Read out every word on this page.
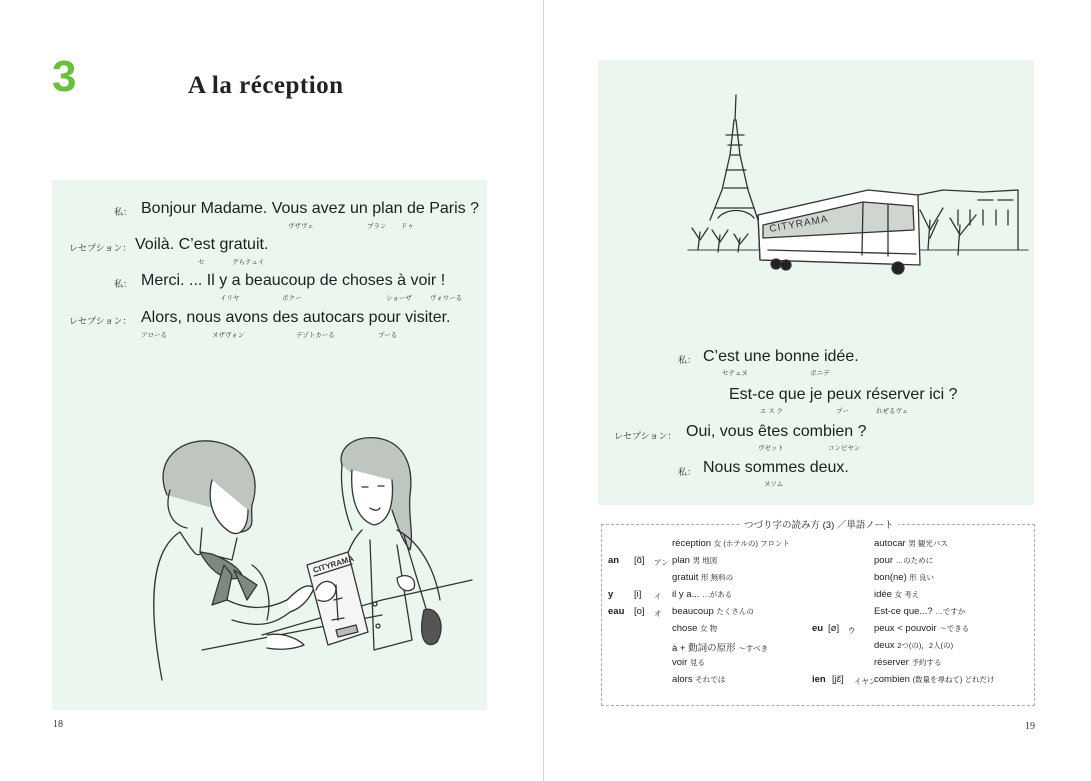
3	A la réception
私： Bonjour Madame. Vous avez un plan de Paris ?
ヴザヴェ	プラン ドゥ
レセプション： Voilà. C’est gratuit.
セ	グらテュイ
私： Merci. ... Il y a beaucoup de choses à voir !
イリヤ	ボクー	ショーザ	ヴォワーる
レセプション： Alors, nous avons des autocars pour visiter.
アローる	ヌザヴォン	デゾトカーる	プーる
CITYRAMA
18
CITYRAMA
私： C’est une bonne idée.
セテュヌ	ボニデ
Est-ce que je peux réserver ici ?
エ ス ク	プー	れぜるヴェ
レセプション： Oui, vous êtes combien ?
ヴゼット	コンビヤン
私： Nous sommes deux.
ヌソム
つづり字の読み方 (3) ／単語ノート
an [ɑ̃] アン
y [i] イ
eau [o] オ
eu [ø] ウ
ien [jɛ̃] イヤン
réception 女 (ホテルの) フロント
plan 男 地図
gratuit 形 無料の
il y a... …がある
beaucoup たくさんの
chose 女 物
à + 動詞の原形 ～すべき
voir 見る
alors それでは
autocar 男 観光バス
pour …のために
bon(ne) 形 良い
idée 女 考え
Est-ce que...? …ですか
peux < pouvoir ～できる
deux 2つ(の)，2人(の)
réserver 予約する
combien (数量を尋ねて) どれだけ
19
